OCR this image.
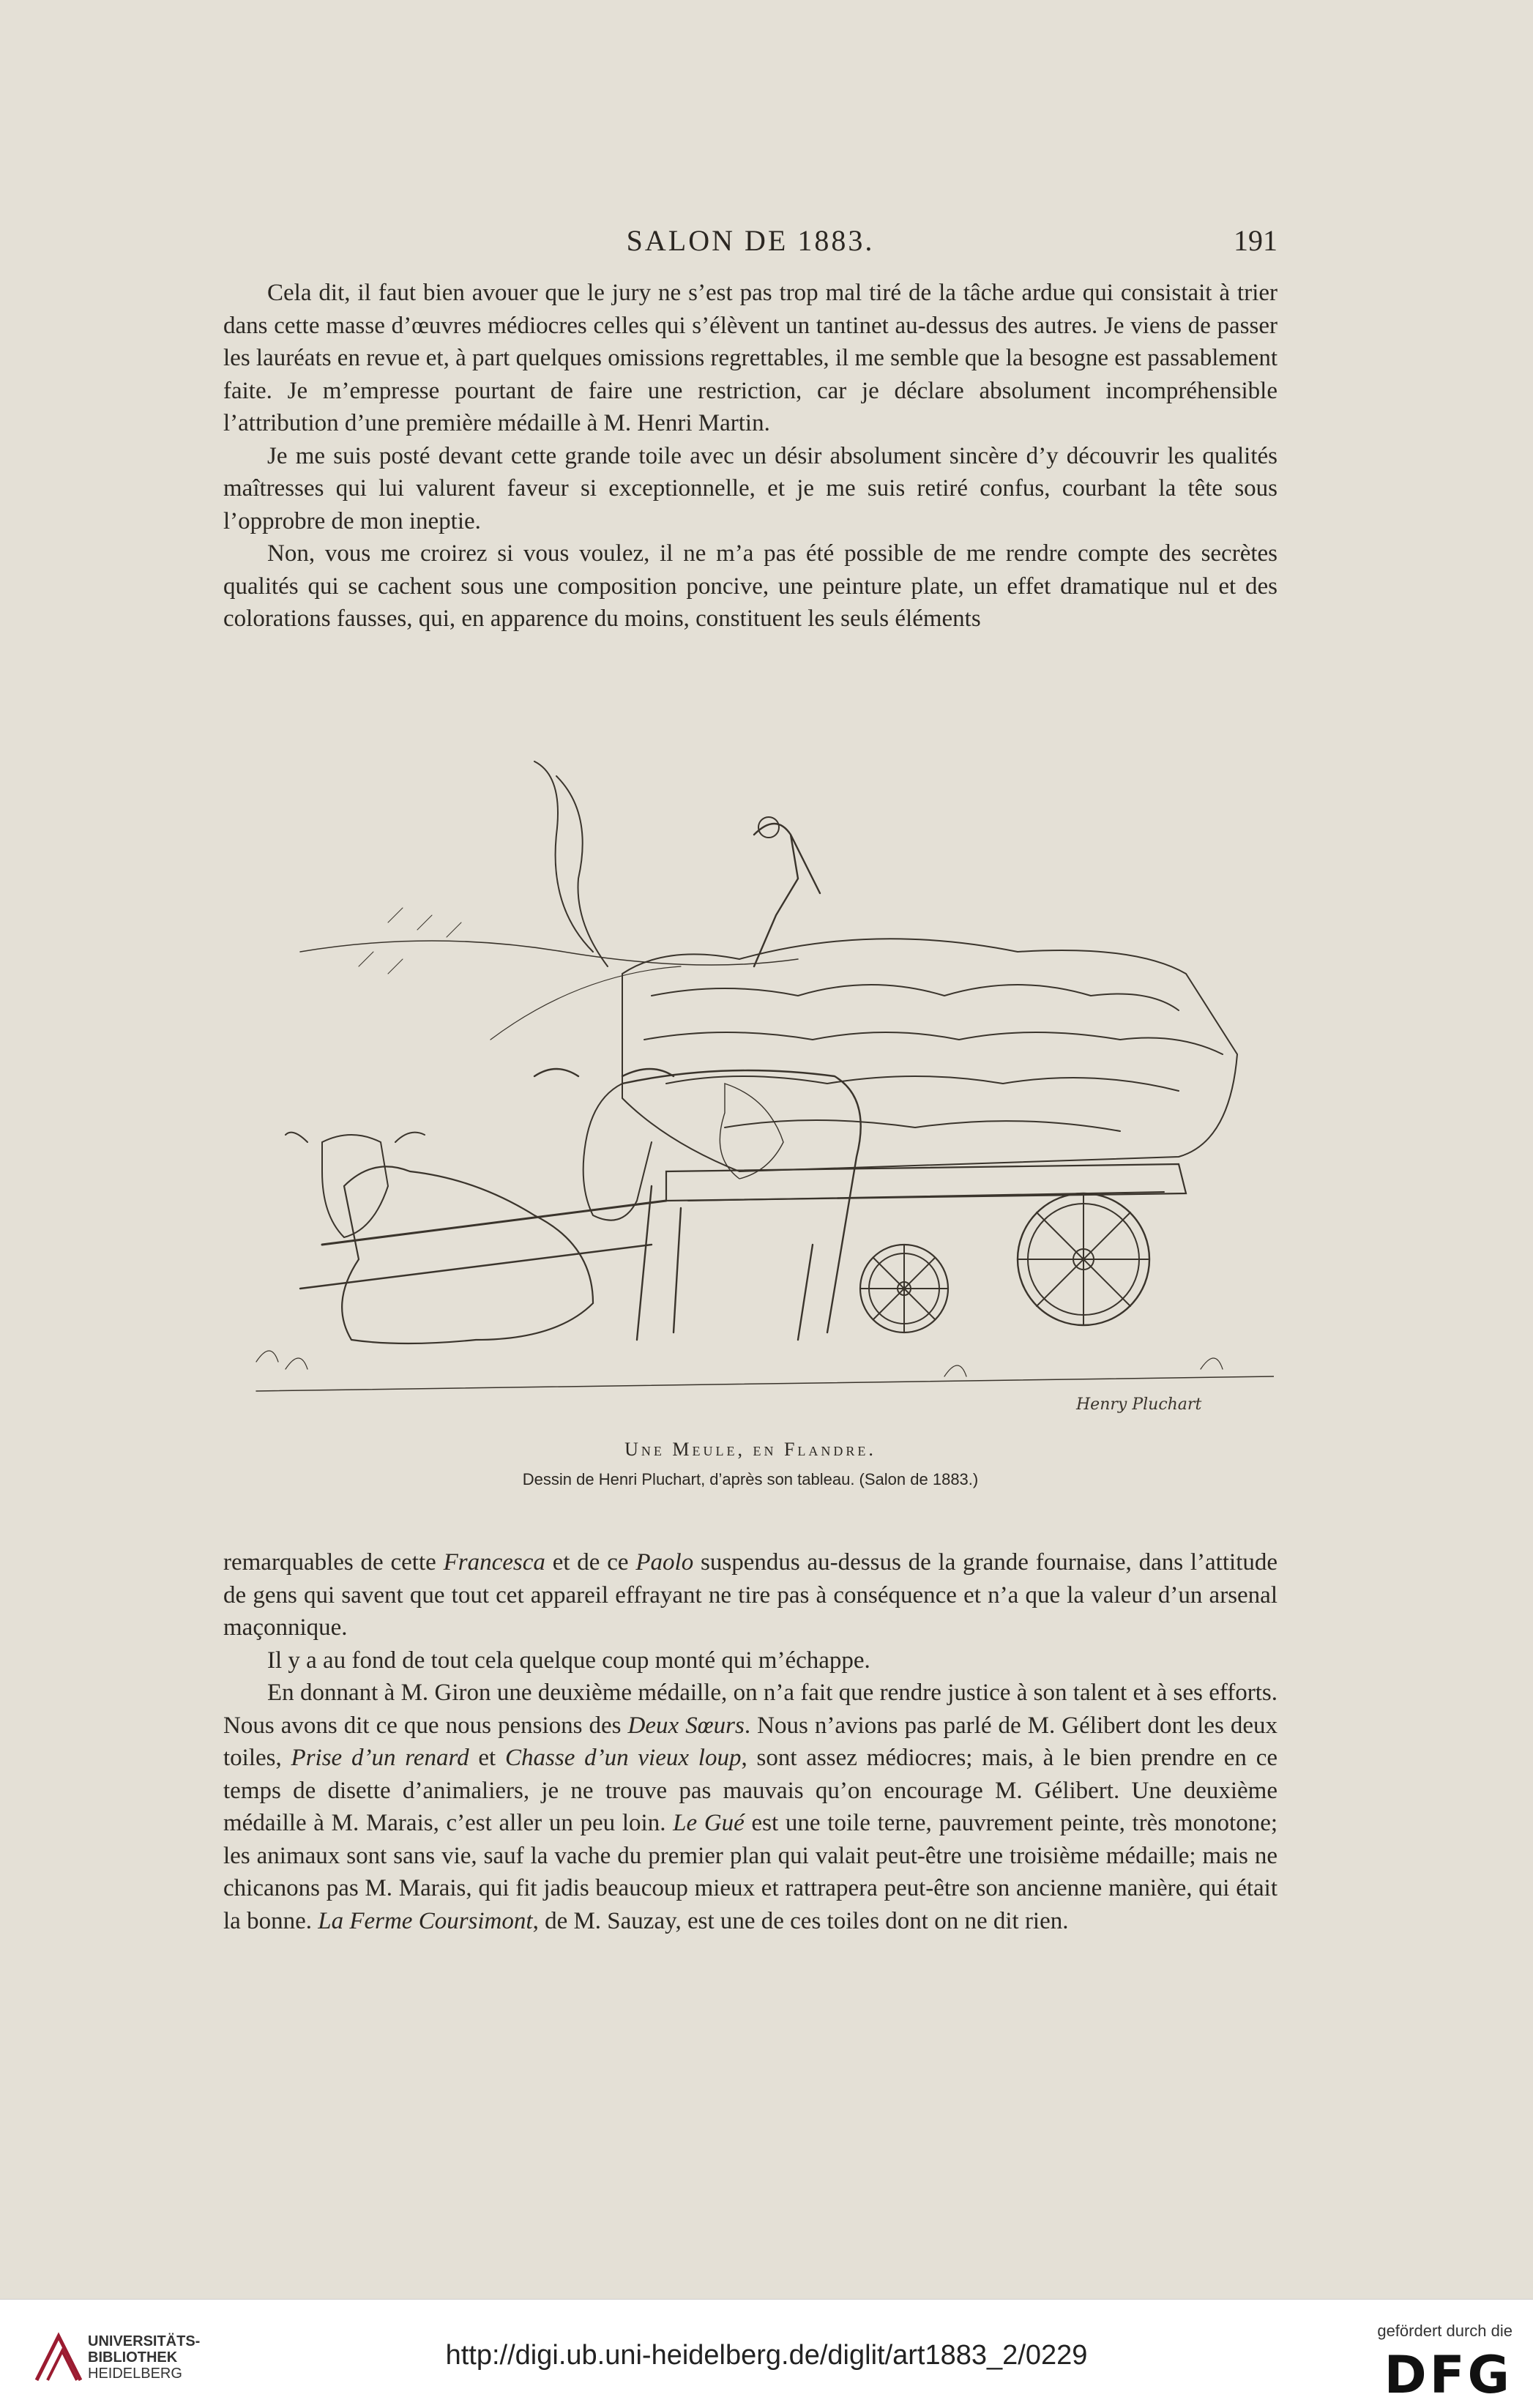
SALON DE 1883.	191

Cela dit, il faut bien avouer que le jury ne s’est pas trop mal tiré de la tâche ardue qui consistait à trier dans cette masse d’œuvres médiocres celles qui s’élèvent un tantinet au-dessus des autres. Je viens de passer les lauréats en revue et, à part quelques omissions regrettables, il me semble que la besogne est passablement faite. Je m’empresse pourtant de faire une restriction, car je déclare absolument incompréhensible l’attribution d’une première médaille à M. Henri Martin.

Je me suis posté devant cette grande toile avec un désir absolument sincère d’y découvrir les qualités maîtresses qui lui valurent faveur si exceptionnelle, et je me suis retiré confus, courbant la tête sous l’opprobre de mon ineptie.

Non, vous me croirez si vous voulez, il ne m’a pas été possible de me rendre compte des secrètes qualités qui se cachent sous une composition poncive, une peinture plate, un effet dramatique nul et des colorations fausses, qui, en apparence du moins, constituent les seuls éléments

Henry Pluchart
Une Meule, en Flandre.
Dessin de Henri Pluchart, d’après son tableau. (Salon de 1883.)

remarquables de cette Francesca et de ce Paolo suspendus au-dessus de la grande fournaise, dans l’attitude de gens qui savent que tout cet appareil effrayant ne tire pas à conséquence et n’a que la valeur d’un arsenal maçonnique.

Il y a au fond de tout cela quelque coup monté qui m’échappe.

En donnant à M. Giron une deuxième médaille, on n’a fait que rendre justice à son talent et à ses efforts. Nous avons dit ce que nous pensions des Deux Sœurs. Nous n’avions pas parlé de M. Gélibert dont les deux toiles, Prise d’un renard et Chasse d’un vieux loup, sont assez médiocres; mais, à le bien prendre en ce temps de disette d’animaliers, je ne trouve pas mauvais qu’on encourage M. Gélibert. Une deuxième médaille à M. Marais, c’est aller un peu loin. Le Gué est une toile terne, pauvrement peinte, très monotone; les animaux sont sans vie, sauf la vache du premier plan qui valait peut-être une troisième médaille; mais ne chicanons pas M. Marais, qui fit jadis beaucoup mieux et rattrapera peut-être son ancienne manière, qui était la bonne. La Ferme Coursimont, de M. Sauzay, est une de ces toiles dont on ne dit rien.

UNIVERSITÄTS-
BIBLIOTHEK
HEIDELBERG
http://digi.ub.uni-heidelberg.de/diglit/art1883_2/0229
gefördert durch die
DFG
